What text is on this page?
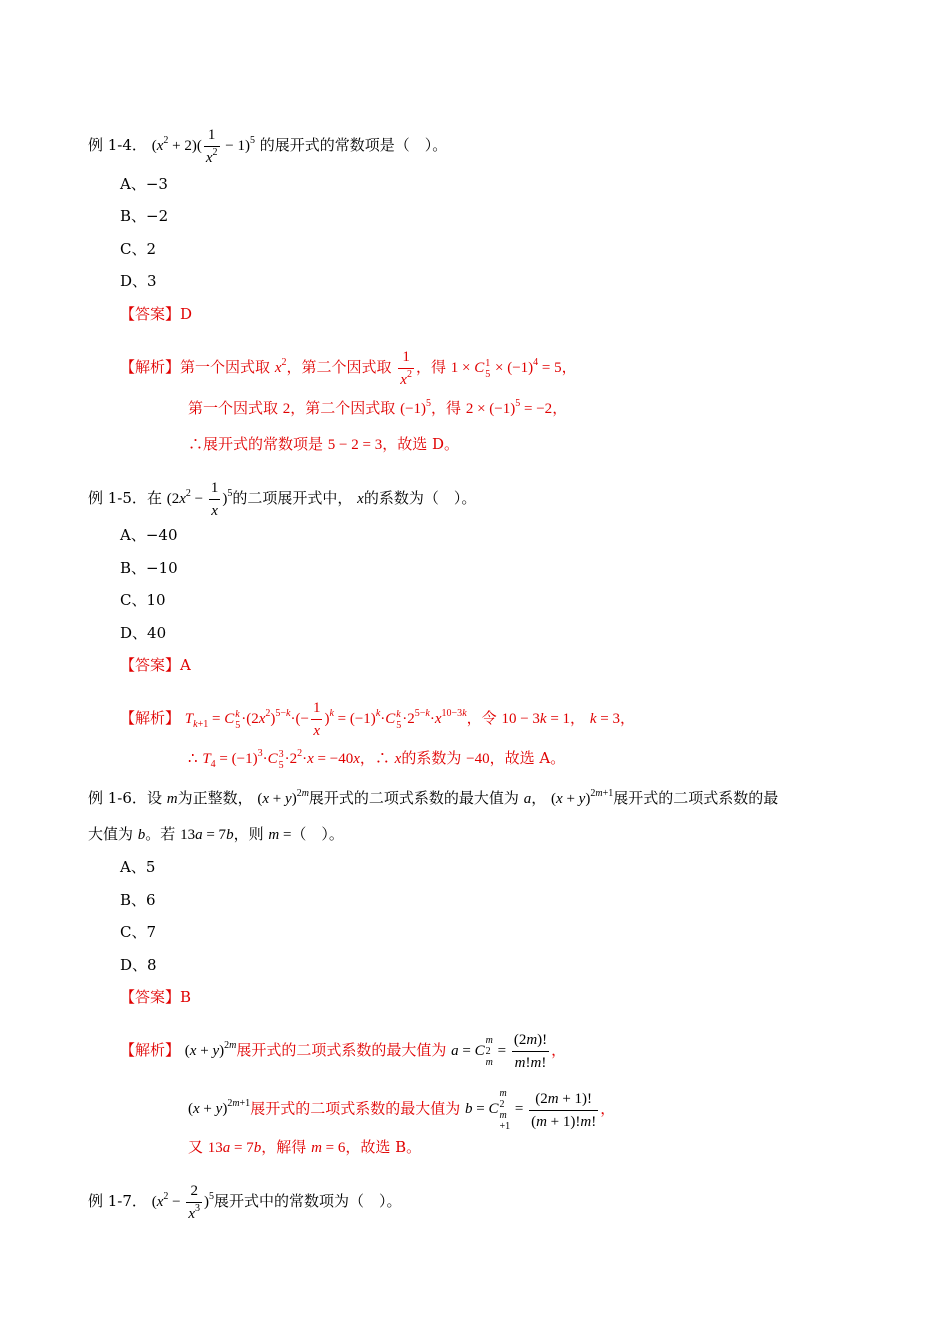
例 1-4． $(x^2 + 2)( \frac{1}{x^2} - 1)^5$ 的展开式的常数项是（　）。
A、−3
B、−2
C、2
D、3
【答案】D
【解析】第一个因式取 $x^2$，第二个因式取 $\frac{1}{x^2}$ ，得 1 × C 1
$5 \times (-1)^4 = 5$，
第一个因式取 2，第二个因式取 $(-1)^5$，得 $2 \times (-1)^5 = -2$，
∴展开式的常数项是 5 − 2 = 3，故选 D。
例 1-5．在 $(2x^2 - \frac{1}{x} )^5$的二项展开式中， x的系数为（　）。
A、−40
B、−10
C、10
D、40
【答案】A
【解析】 $T_{k+1} = C$ k
$5 \cdot(2x^2)^{5-k}\cdot(- \frac{1}{x} )^k = (-1)^k\cdot C$ k
$5 \cdot 2^{5-k}\cdot x^{10-3k}$，令 10 − 3k = 1， k = 3，
∴ $T_4 = (-1)^3\cdot C$ 3
$5 \cdot 2^2\cdot x = -40x$，∴ x的系数为 −40，故选 A。
例 1-6．设 m为正整数， $(x + y)^{2m}$展开式的二项式系数的最大值为 a， $(x + y)^{2m+1}$展开式的二项式系数的最
大值为 b。若 13a = 7b，则 m =（　）。
A、5
B、6
C、7
D、8
【答案】B
【解析】 $(x + y)^{2m}$展开式的二项式系数的最大值为 a = C
m
2
m
= $\frac{(2m)!}{m!m!}$ ，
$(x + y)^{2m+1}$展开式的二项式系数的最大值为 b = C
m
2
m
+1
= $\frac{(2m + 1)!}{(m + 1)!m!}$ ，
又 13a = 7b，解得 m = 6，故选 B。
例 1-7． $(x^2 - \frac{2}{x^3} )^5$展开式中的常数项为（　）。
